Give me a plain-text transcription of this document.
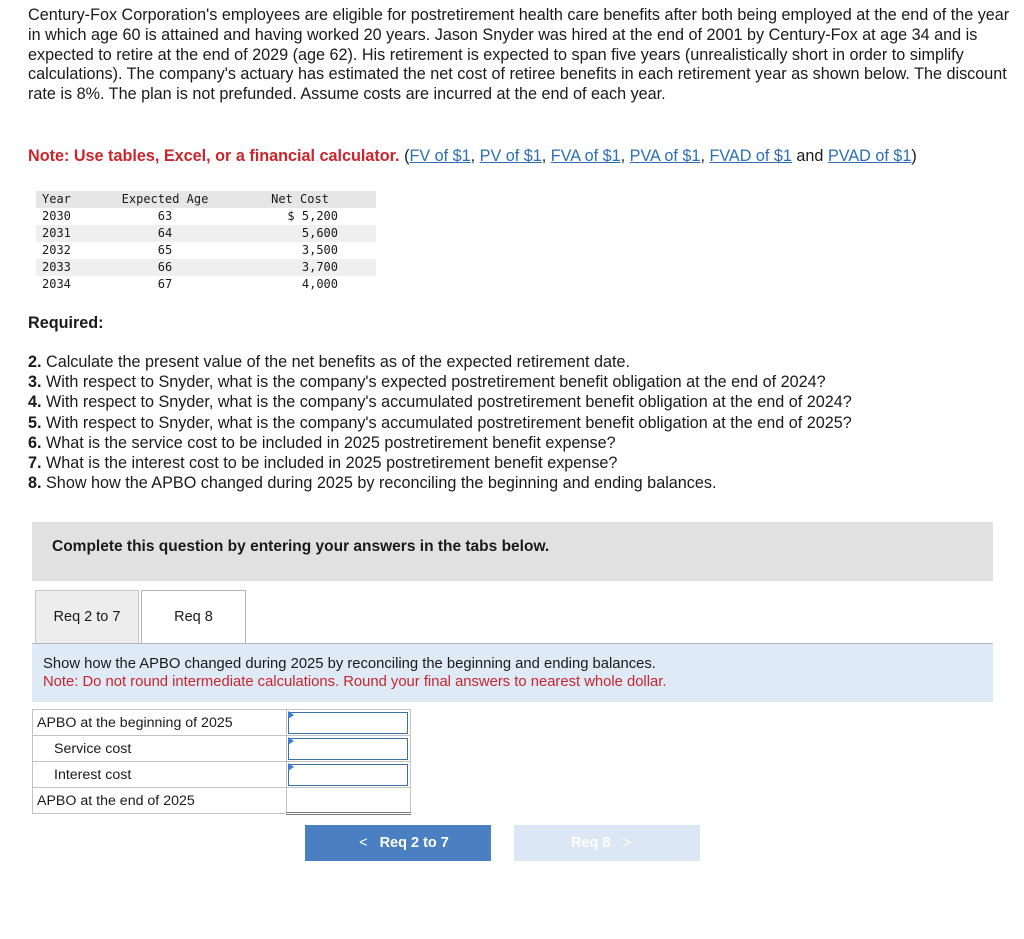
Century-Fox Corporation's employees are eligible for postretirement health care benefits after both being employed at the end of the year in which age 60 is attained and having worked 20 years. Jason Snyder was hired at the end of 2001 by Century-Fox at age 34 and is expected to retire at the end of 2029 (age 62). His retirement is expected to span five years (unrealistically short in order to simplify calculations). The company's actuary has estimated the net cost of retiree benefits in each retirement year as shown below. The discount rate is 8%. The plan is not prefunded. Assume costs are incurred at the end of each year.
Note: Use tables, Excel, or a financial calculator. (FV of $1, PV of $1, FVA of $1, PVA of $1, FVAD of $1 and PVAD of $1)
Year	Expected Age	Net Cost
2030	63	$ 5,200
2031	64	5,600
2032	65	3,500
2033	66	3,700
2034	67	4,000
Required:
2. Calculate the present value of the net benefits as of the expected retirement date.
3. With respect to Snyder, what is the company's expected postretirement benefit obligation at the end of 2024?
4. With respect to Snyder, what is the company's accumulated postretirement benefit obligation at the end of 2024?
5. With respect to Snyder, what is the company's accumulated postretirement benefit obligation at the end of 2025?
6. What is the service cost to be included in 2025 postretirement benefit expense?
7. What is the interest cost to be included in 2025 postretirement benefit expense?
8. Show how the APBO changed during 2025 by reconciling the beginning and ending balances.
Complete this question by entering your answers in the tabs below.
Req 2 to 7	Req 8
Show how the APBO changed during 2025 by reconciling the beginning and ending balances.
Note: Do not round intermediate calculations. Round your final answers to nearest whole dollar.
APBO at the beginning of 2025	

Service cost	

Interest cost	

APBO at the end of 2025	
< Req 2 to 7	Req 8 >
